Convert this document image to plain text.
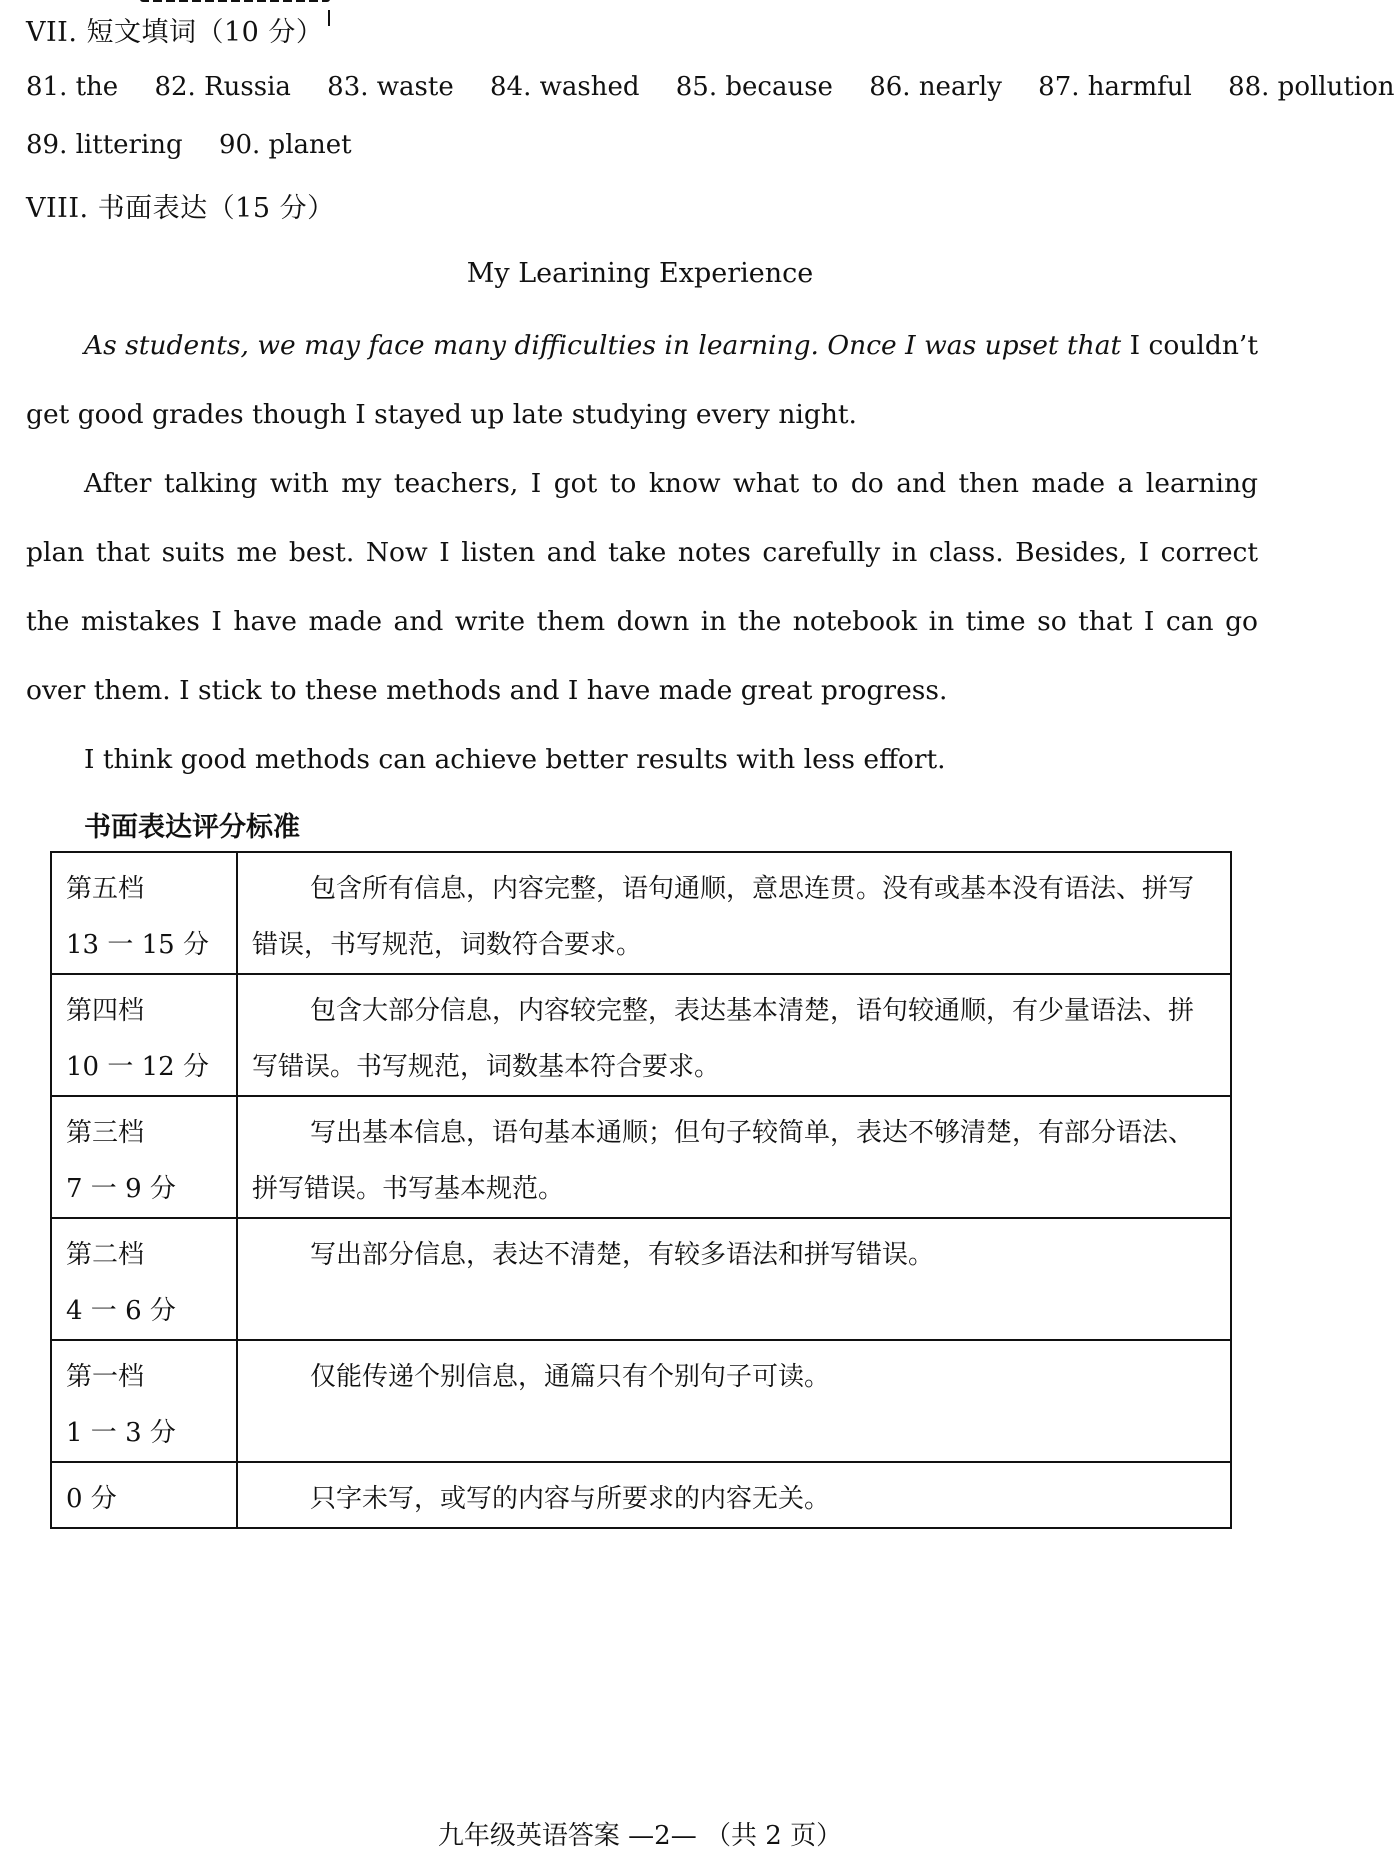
VII. 短文填词（10 分）
81. the 82. Russia 83. waste 84. washed 85. because 86. nearly 87. harmful 88. pollution
89. littering 90. planet
VIII. 书面表达（15 分）
My Learining Experience
As students, we may face many difficulties in learning. Once I was upset that I couldn’t get good grades though I stayed up late studying every night.
After talking with my teachers, I got to know what to do and then made a learning plan that suits me best. Now I listen and take notes carefully in class. Besides, I correct the mistakes I have made and write them down in the notebook in time so that I can go over them. I stick to these methods and I have made great progress.
I think good methods can achieve better results with less effort.
书面表达评分标准
第五档
13 一 15 分	包含所有信息，内容完整，语句通顺，意思连贯。没有或基本没有语法、拼写错误，书写规范，词数符合要求。

第四档
10 一 12 分	包含大部分信息，内容较完整，表达基本清楚，语句较通顺，有少量语法、拼写错误。书写规范，词数基本符合要求。

第三档
7 一 9 分	写出基本信息，语句基本通顺；但句子较简单，表达不够清楚，有部分语法、拼写错误。书写基本规范。

第二档
4 一 6 分	写出部分信息，表达不清楚，有较多语法和拼写错误。

第一档
1 一 3 分	仅能传递个别信息，通篇只有个别句子可读。

0 分	只字未写，或写的内容与所要求的内容无关。
九年级英语答案 —2— （共 2 页）
